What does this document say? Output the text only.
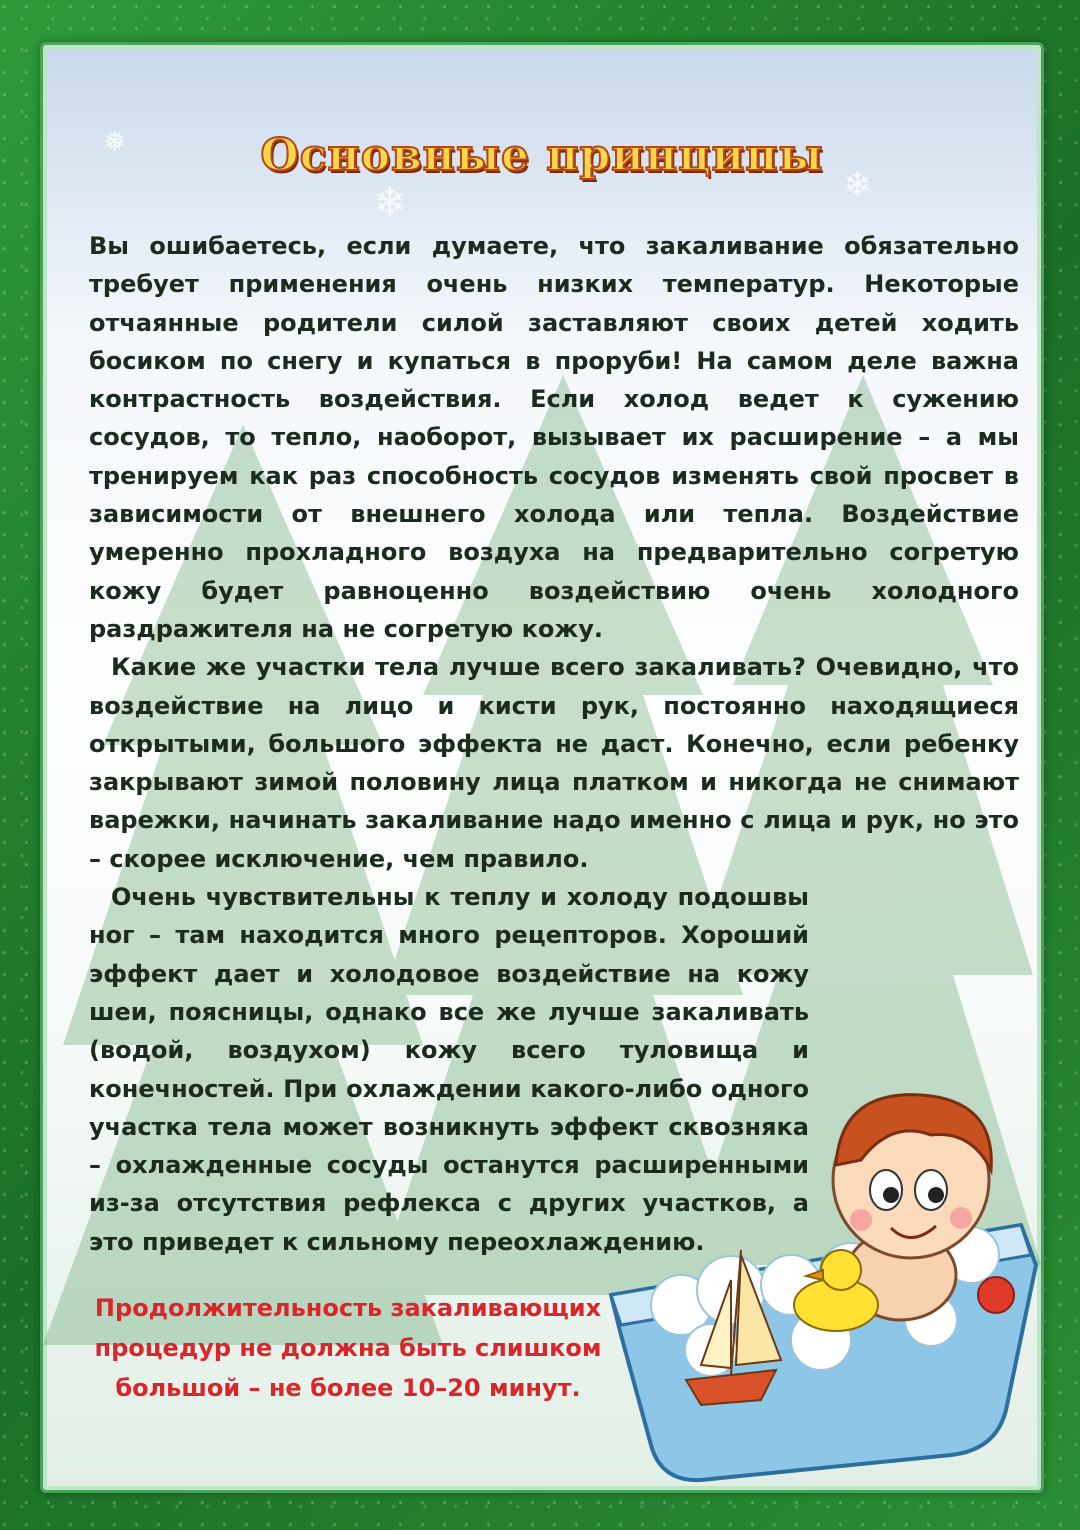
❄	❄
❅	Основные принципы

Вы ошибаетесь, если думаете, что закаливание обязательно требует применения очень низких температур. Некоторые отчаянные родители силой заставляют своих детей ходить босиком по снегу и купаться в проруби! На самом деле важна контрастность воздействия. Если холод ведет к сужению сосудов, то тепло, наоборот, вызывает их расширение – а мы тренируем как раз способность сосудов изменять свой просвет в зависимости от внешнего холода или тепла. Воздействие умеренно прохладного воздуха на предварительно согретую кожу будет равноценно воздействию очень холодного раздражителя на не согретую кожу.

Какие же участки тела лучше всего закаливать? Очевидно, что воздействие на лицо и кисти рук, постоянно находящиеся открытыми, большого эффекта не даст. Конечно, если ребенку закрывают зимой половину лица платком и никогда не снимают варежки, начинать закаливание надо именно с лица и рук, но это – скорее исключение, чем правило.

Очень чувствительны к теплу и холоду подошвы ног – там находится много рецепторов. Хороший эффект дает и холодовое воздействие на кожу шеи, поясницы, однако все же лучше закаливать (водой, воздухом) кожу всего туловища и конечностей. При охлаждении какого-либо одного участка тела может возникнуть эффект сквозняка – охлажденные сосуды останутся расширенными из-за отсутствия рефлекса с других участков, а это приведет к сильному переохлаждению.

Продолжительность закаливающих процедур не должна быть слишком большой – не более 10–20 минут.
